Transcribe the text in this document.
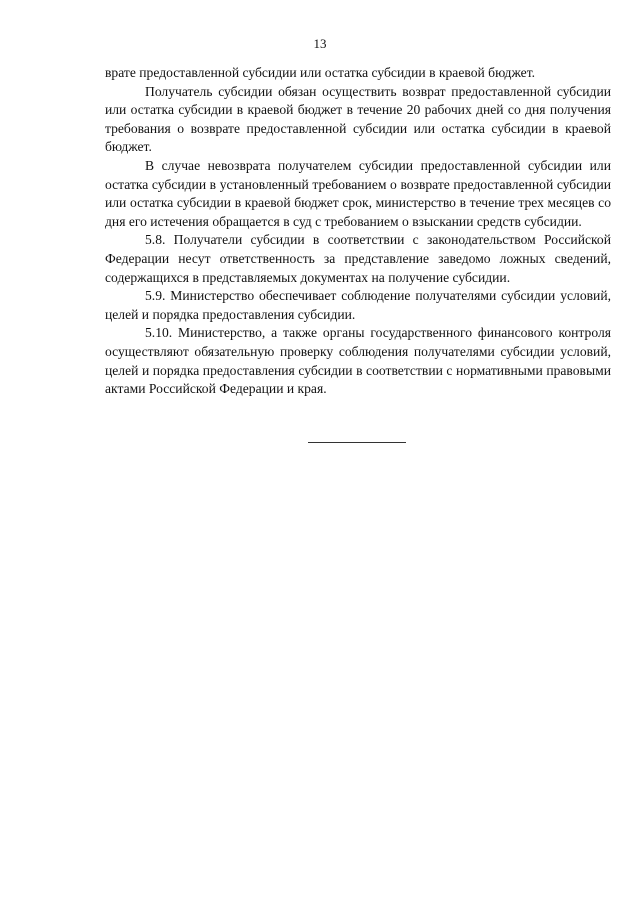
13

врате предоставленной субсидии или остатка субсидии в краевой бюджет.

Получатель субсидии обязан осуществить возврат предоставленной субсидии или остатка субсидии в краевой бюджет в течение 20 рабочих дней со дня получения требования о возврате предоставленной субсидии или остатка субсидии в краевой бюджет.

В случае невозврата получателем субсидии предоставленной субсидии или остатка субсидии в установленный требованием о возврате предоставленной субсидии или остатка субсидии в краевой бюджет срок, министерство в течение трех месяцев со дня его истечения обращается в суд с требованием о взыскании средств субсидии.

5.8. Получатели субсидии в соответствии с законодательством Российской Федерации несут ответственность за представление заведомо ложных сведений, содержащихся в представляемых документах на получение субсидии.

5.9. Министерство обеспечивает соблюдение получателями субсидии условий, целей и порядка предоставления субсидии.

5.10. Министерство, а также органы государственного финансового контроля осуществляют обязательную проверку соблюдения получателями субсидии условий, целей и порядка предоставления субсидии в соответствии с нормативными правовыми актами Российской Федерации и края.
